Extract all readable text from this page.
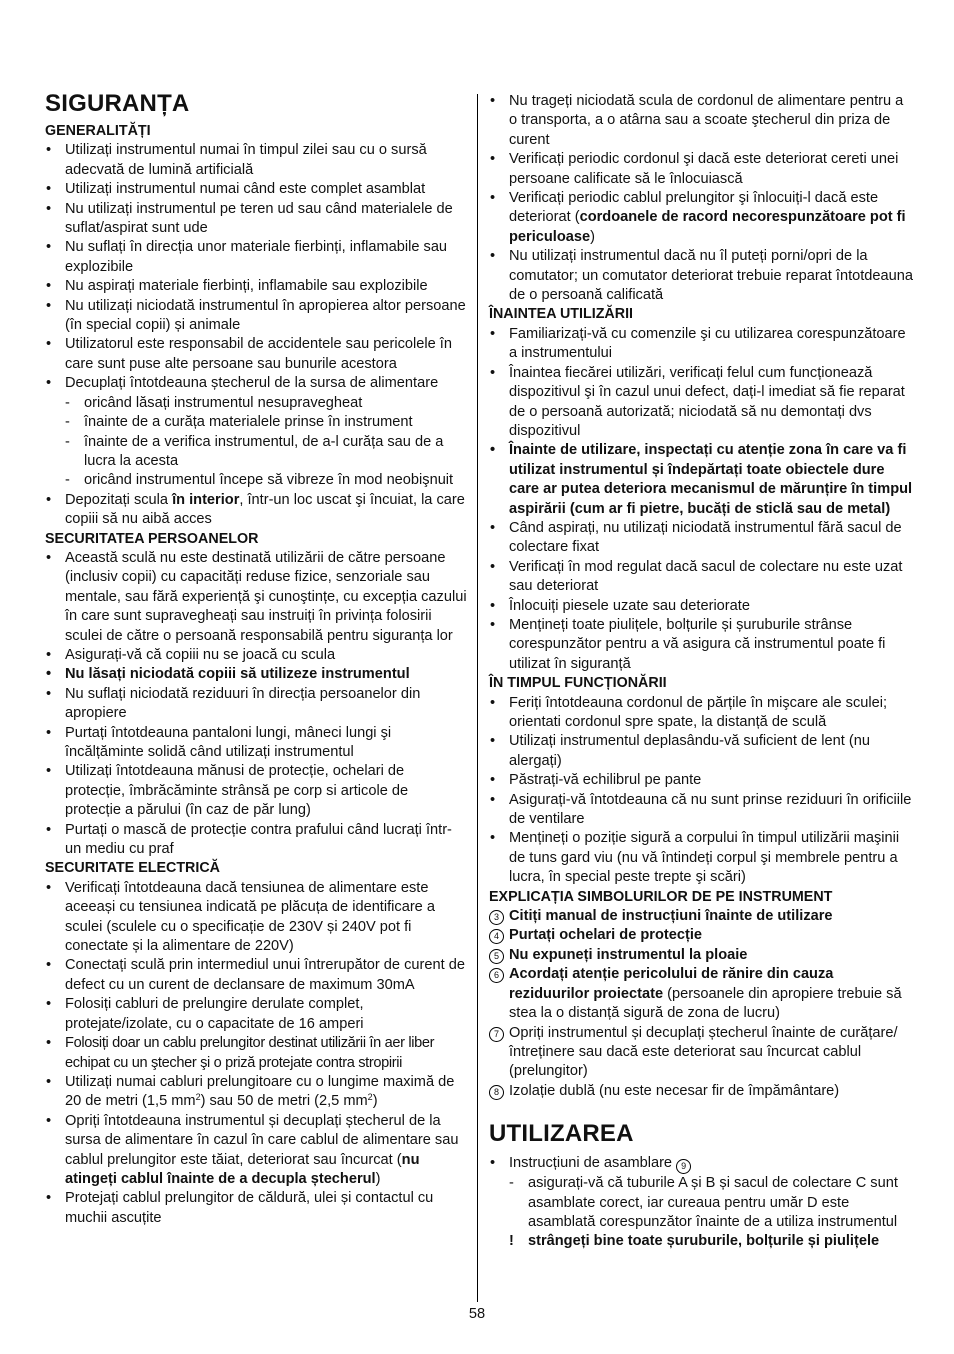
SIGURANȚA
GENERALITĂȚI
• Utilizați instrumentul numai în timpul zilei sau cu o sursă adecvată de lumină artificială
• Utilizați instrumentul numai când este complet asamblat
• Nu utilizați instrumentul pe teren ud sau când materialele de suflat/aspirat sunt ude
• Nu suflați în direcția unor materiale fierbinți, inflamabile sau explozibile
• Nu aspirați materiale fierbinți, inflamabile sau explozibile
• Nu utilizați niciodată instrumentul în apropierea altor persoane (în special copii) și animale
• Utilizatorul este responsabil de accidentele sau pericolele în care sunt puse alte persoane sau bunurile acestora
• Decuplați întotdeauna ștecherul de la sursa de alimentare
- oricând lăsați instrumentul nesupravegheat
- înainte de a curăța materialele prinse în instrument
- înainte de a verifica instrumentul, de a-l curăța sau de a lucra la acesta
- oricând instrumentul începe să vibreze în mod neobişnuit
• Depozitați scula în interior, într-un loc uscat şi încuiat, la care copiii să nu aibă acces
SECURITATEA PERSOANELOR
• Această sculă nu este destinată utilizării de către persoane (inclusiv copii) cu capacități reduse fizice, senzoriale sau mentale, sau fără experiență şi cunoştințe, cu excepția cazului în care sunt supravegheați sau instruiți în privința folosirii sculei de către o persoană responsabilă pentru siguranța lor
• Asigurați-vă că copiii nu se joacă cu scula
• Nu lăsați niciodată copiii să utilizeze instrumentul
• Nu suflați niciodată reziduuri în direcția persoanelor din apropiere
• Purtați întotdeauna pantaloni lungi, mâneci lungi şi încălțăminte solidă când utilizați instrumentul
• Utilizați întotdeauna mănusi de protecție, ochelari de protecție, îmbrăcăminte strânsă pe corp si articole de protecție a părului (în caz de păr lung)
• Purtați o mască de protecție contra prafului când lucrați într-un mediu cu praf
SECURITATE ELECTRICĂ
• Verificați întotdeauna dacă tensiunea de alimentare este aceeași cu tensiunea indicată pe plăcuța de identificare a sculei (sculele cu o specificație de 230V și 240V pot fi conectate și la alimentare de 220V)
• Conectați sculă prin intermediul unui întrerupător de curent de defect cu un curent de declansare de maximum 30mA
• Folosiți cabluri de prelungire derulate complet, protejate/izolate, cu o capacitate de 16 amperi
• Folosiți doar un cablu prelungitor destinat utilizării în aer liber echipat cu un ştecher şi o priză protejate contra stropirii
• Utilizați numai cabluri prelungitoare cu o lungime maximă de 20 de metri (1,5 $mm^2$) sau 50 de metri (2,5 $mm^2$)
• Opriți întotdeauna instrumentul și decuplați ștecherul de la sursa de alimentare în cazul în care cablul de alimentare sau cablul prelungitor este tăiat, deteriorat sau încurcat (nu atingeți cablul înainte de a decupla ștecherul)
• Protejați cablul prelungitor de căldură, ulei și contactul cu muchii ascuțite
• Nu trageți niciodată scula de cordonul de alimentare pentru a o transporta, a o atârna sau a scoate ştecherul din priza de curent
• Verificați periodic cordonul şi dacă este deteriorat cereti unei persoane calificate să le înlocuiască
• Verificați periodic cablul prelungitor şi înlocuiți-l dacă este deteriorat (cordoanele de racord necorespunzătoare pot fi periculoase)
• Nu utilizați instrumentul dacă nu îl puteți porni/opri de la comutator; un comutator deteriorat trebuie reparat întotdeauna de o persoană calificată
ÎNAINTEA UTILIZĂRII
• Familiarizați-vă cu comenzile şi cu utilizarea corespunzătoare a instrumentului
• Înaintea fiecărei utilizări, verificați felul cum funcționează dispozitivul şi în cazul unui defect, dați-l imediat să fie reparat de o persoană autorizată; niciodată să nu demontați dvs dispozitivul
• Înainte de utilizare, inspectați cu atenție zona în care va fi utilizat instrumentul și îndepărtați toate obiectele dure care ar putea deteriora mecanismul de mărunțire în timpul aspirării (cum ar fi pietre, bucăți de sticlă sau de metal)
• Când aspirați, nu utilizați niciodată instrumentul fără sacul de colectare fixat
• Verificați în mod regulat dacă sacul de colectare nu este uzat sau deteriorat
• Înlocuiți piesele uzate sau deteriorate
• Mențineți toate piulițele, bolțurile și șuruburile strânse corespunzător pentru a vă asigura că instrumentul poate fi utilizat în siguranță
ÎN TIMPUL FUNCȚIONĂRII
• Feriți întotdeauna cordonul de părțile în mişcare ale sculei; orientati cordonul spre spate, la distanță de sculă
• Utilizați instrumentul deplasându-vă suficient de lent (nu alergați)
• Păstrați-vă echilibrul pe pante
• Asigurați-vă întotdeauna că nu sunt prinse reziduuri în orificiile de ventilare
• Mențineți o poziție sigură a corpului în timpul utilizării maşinii de tuns gard viu (nu vă întindeți corpul şi membrele pentru a lucra, în special peste trepte şi scări)
EXPLICAȚIA SIMBOLURILOR DE PE INSTRUMENT

3 Citiți manual de instrucțiuni înainte de utilizare

4 Purtați ochelari de protecție

5 Nu expuneți instrumentul la ploaie

6 Acordați atenție pericolului de rănire din cauza reziduurilor proiectate (persoanele din apropiere trebuie să stea la o distanță sigură de zona de lucru)

7 Opriți instrumentul și decuplați ștecherul înainte de curățare/întreținere sau dacă este deteriorat sau încurcat cablul (prelungitor)

8 Izolație dublă (nu este necesar fir de împământare)

UTILIZAREA
• Instrucțiuni de asamblare 9
- asigurați-vă că tuburile A și B și sacul de colectare C sunt asamblate corect, iar cureaua pentru umăr D este asamblată corespunzător înainte de a utiliza instrumentul
! strângeți bine toate șuruburile, bolțurile și piulițele
58
